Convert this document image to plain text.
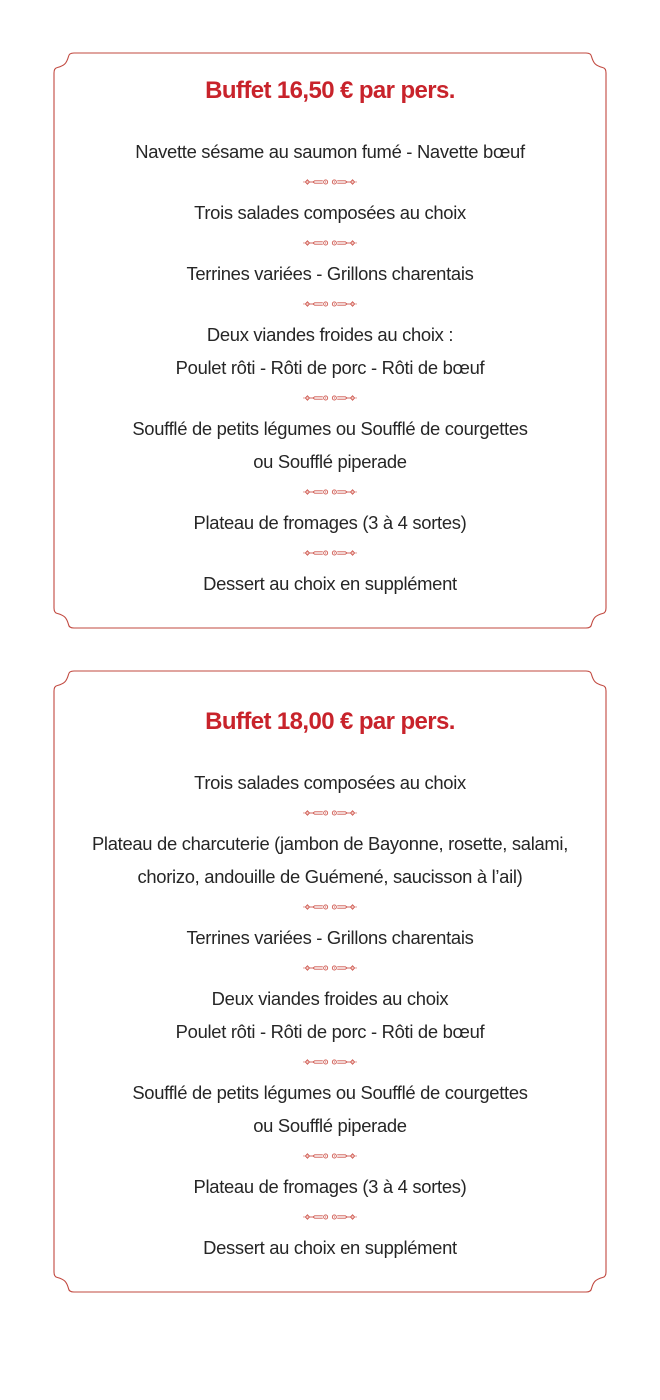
Buffet 16,50 € par pers.
Navette sésame au saumon fumé - Navette bœuf
Trois salades composées au choix
Terrines variées - Grillons charentais
Deux viandes froides au choix :
Poulet rôti - Rôti de porc - Rôti de bœuf
Soufflé de petits légumes ou Soufflé de courgettes
ou Soufflé piperade
Plateau de fromages (3 à 4 sortes)
Dessert au choix en supplément
Buffet 18,00 € par pers.
Trois salades composées au choix
Plateau de charcuterie (jambon de Bayonne, rosette, salami,
chorizo, andouille de Guémené, saucisson à l’ail)
Terrines variées - Grillons charentais
Deux viandes froides au choix
Poulet rôti - Rôti de porc - Rôti de bœuf
Soufflé de petits légumes ou Soufflé de courgettes
ou Soufflé piperade
Plateau de fromages (3 à 4 sortes)
Dessert au choix en supplément
